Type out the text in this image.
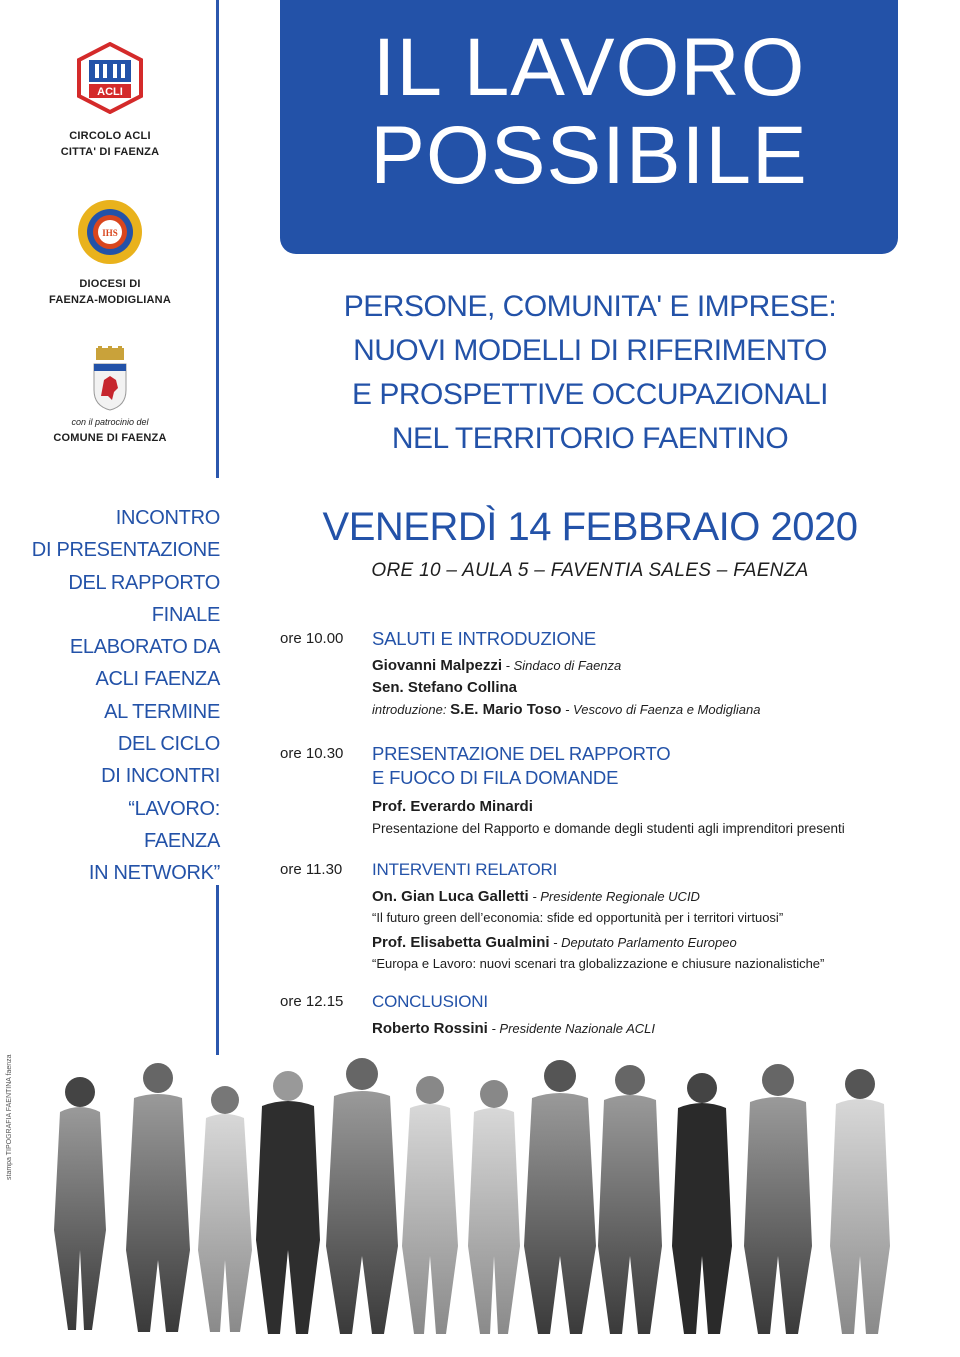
ACLI
CIRCOLO ACLI
CITTA' DI FAENZA
IHS
DIOCESI DI
FAENZA-MODIGLIANA
con il patrocinio del
COMUNE DI FAENZA
IL LAVORO
POSSIBILE
PERSONE, COMUNITA' E IMPRESE:
NUOVI MODELLI DI RIFERIMENTO
E PROSPETTIVE OCCUPAZIONALI
NEL TERRITORIO FAENTINO
INCONTRO
DI PRESENTAZIONE
DEL RAPPORTO
FINALE
ELABORATO DA
ACLI FAENZA
AL TERMINE
DEL CICLO
DI INCONTRI
“LAVORO:
FAENZA
IN NETWORK”
VENERDÌ 14 FEBBRAIO 2020
ORE 10 – AULA 5 – FAVENTIA SALES – FAENZA
ore 10.00 SALUTI E INTRODUZIONE
Giovanni Malpezzi - Sindaco di Faenza
Sen. Stefano Collina
introduzione: S.E. Mario Toso - Vescovo di Faenza e Modigliana
ore 10.30 PRESENTAZIONE DEL RAPPORTO
E FUOCO DI FILA DOMANDE
Prof. Everardo Minardi
Presentazione del Rapporto e domande degli studenti agli imprenditori presenti
ore 11.30 INTERVENTI RELATORI
On. Gian Luca Galletti - Presidente Regionale UCID
“Il futuro green dell’economia: sfide ed opportunità per i territori virtuosi”
Prof. Elisabetta Gualmini - Deputato Parlamento Europeo
“Europa e Lavoro: nuovi scenari tra globalizzazione e chiusure nazionalistiche”
ore 12.15 CONCLUSIONI
Roberto Rossini - Presidente Nazionale ACLI
stampa TIPOGRAFIA FAENTINA faenza
